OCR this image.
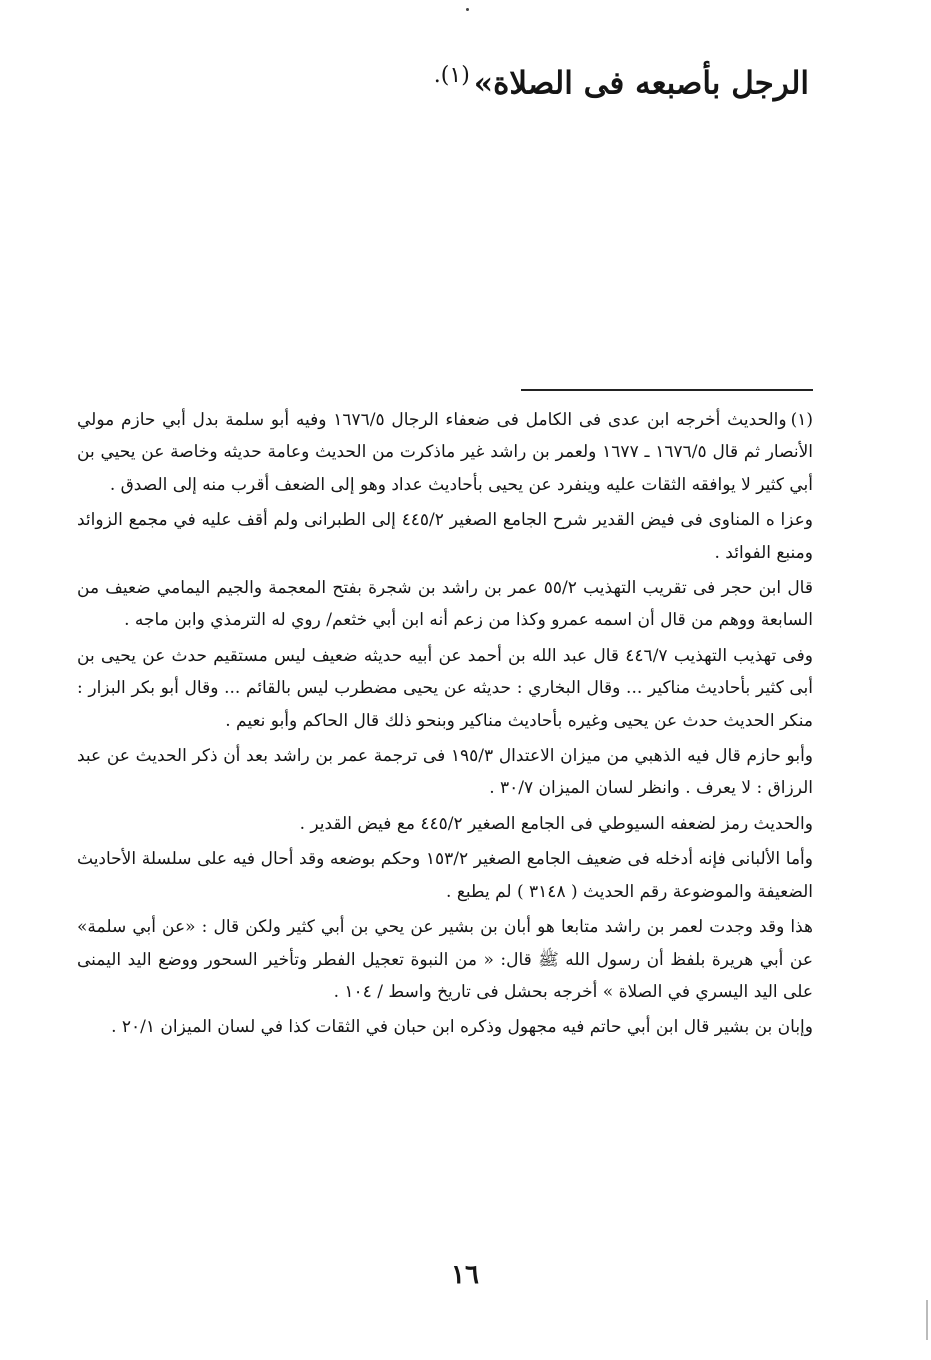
الرجل بأصبعه فى الصلاة»$^{(١).}$

(١)والحديث أخرجه ابن عدى فى الكامل فى ضعفاء الرجال ١٦٧٦/٥ وفيه أبو سلمة بدل أبي حازم مولي الأنصار ثم قال ١٦٧٦/٥ ـ ١٦٧٧ ولعمر بن راشد غير ماذكرت من الحديث وعامة حديثه وخاصة عن يحيي بن أبي كثير لا يوافقه الثقات عليه وينفرد عن يحيى بأحاديث عداد وهو إلى الضعف أقرب منه إلى الصدق .

وعزا ه المناوى فى فيض القدير شرح الجامع الصغير ٤٤٥/٢ إلى الطبرانى ولم أقف عليه في مجمع الزوائد ومنبع الفوائد .

قال ابن حجر فى تقريب التهذيب ٥٥/٢ عمر بن راشد بن شجرة بفتح المعجمة والجيم اليمامي ضعيف من السابعة ووهم من قال أن اسمه عمرو وكذا من زعم أنه ابن أبي خثعم/ روي له الترمذي وابن ماجه .

وفى تهذيب التهذيب ٤٤٦/٧ قال عبد الله بن أحمد عن أبيه حديثه ضعيف ليس مستقيم حدث عن يحيى بن أبى كثير بأحاديث مناكير ... وقال البخاري : حديثه عن يحيى مضطرب ليس بالقائم ... وقال أبو بكر البزار : منكر الحديث حدث عن يحيى وغيره بأحاديث مناكير وبنحو ذلك قال الحاكم وأبو نعيم .

وأبو حازم قال فيه الذهبي من ميزان الاعتدال ١٩٥/٣ فى ترجمة عمر بن راشد بعد أن ذكر الحديث عن عبد الرزاق : لا يعرف . وانظر لسان الميزان ٣٠/٧ .

والحديث رمز لضعفه السيوطي فى الجامع الصغير ٤٤٥/٢ مع فيض القدير .

وأما الألبانى فإنه أدخله فى ضعيف الجامع الصغير ١٥٣/٢ وحكم بوضعه وقد أحال فيه على سلسلة الأحاديث الضعيفة والموضوعة رقم الحديث ( ٣١٤٨ ) لم يطبع .

هذا وقد وجدت لعمر بن راشد متابعا هو أبان بن بشير عن يحي بن أبي كثير ولكن قال : «عن أبي سلمة» عن أبي هريرة بلفظ أن رسول الله ﷺ قال: « من النبوة تعجيل الفطر وتأخير السحور ووضع اليد اليمنى على اليد اليسري في الصلاة » أخرجه بحشل فى تاريخ واسط / ١٠٤ .

وإبان بن بشير قال ابن أبي حاتم فيه مجهول وذكره ابن حبان في الثقات كذا في لسان الميزان ٢٠/١ .

١٦
